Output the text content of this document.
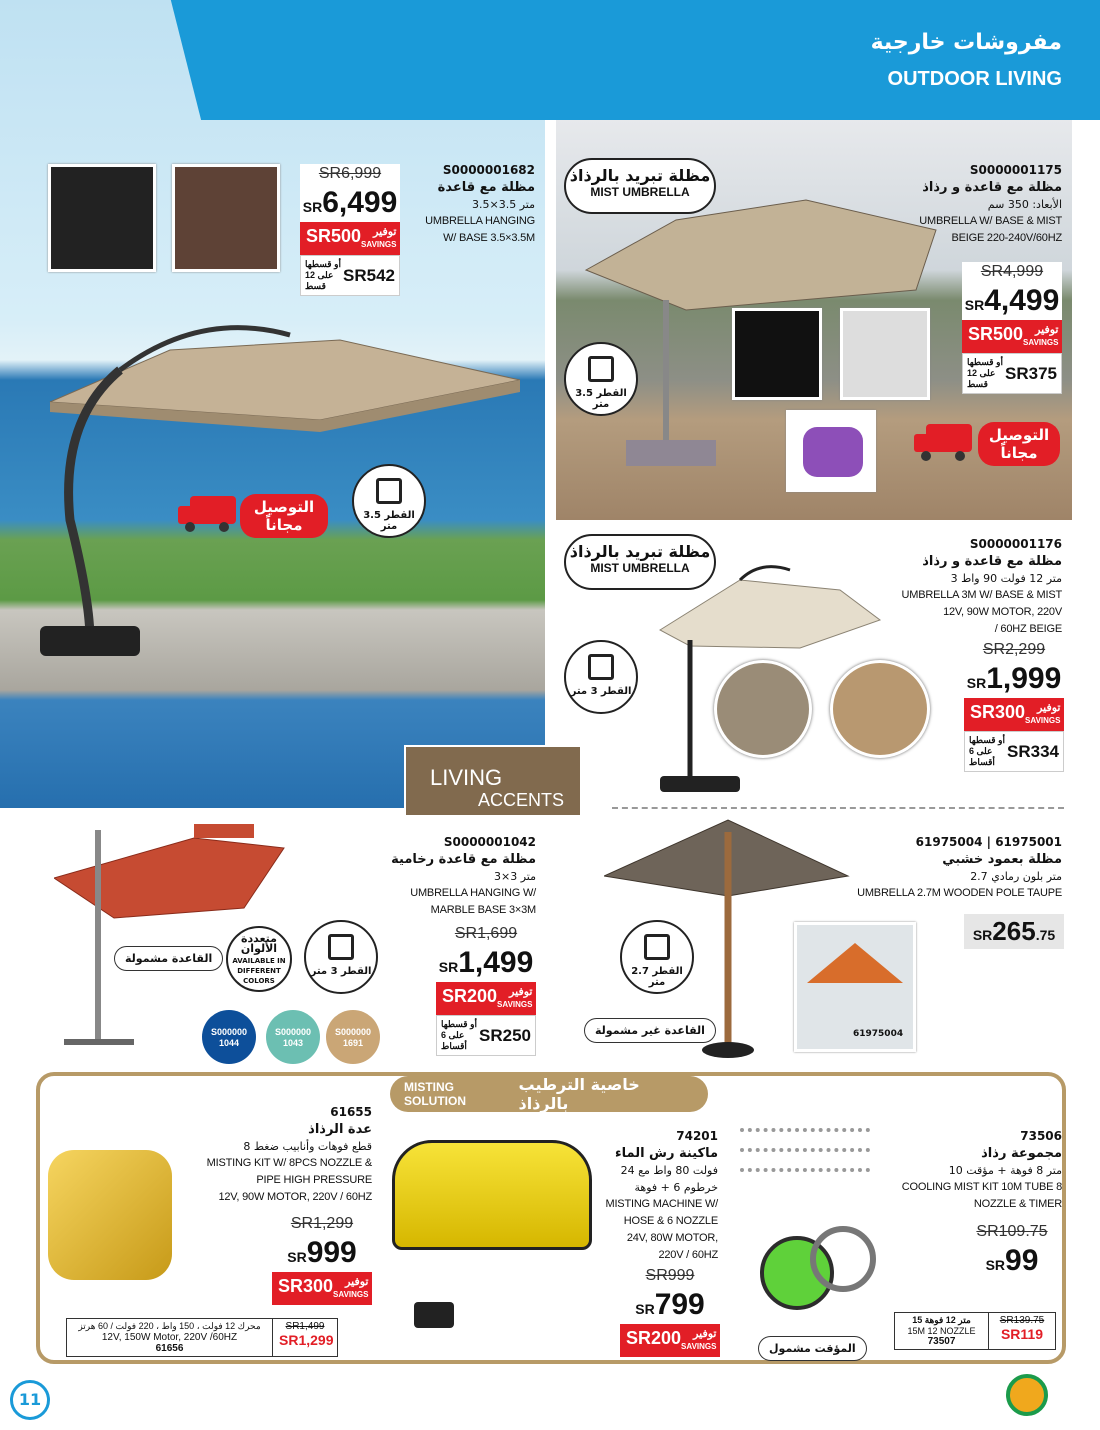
مفروشات خارجية
OUTDOOR LIVING
SR6,999
SR6,499
SR500	توفير
SAVINGS
أو قسطها على 12 قسط
SR542
S0000001682
مظلة مع قاعدة
3.5×3.5 متر
UMBRELLA HANGING
W/ BASE 3.5×3.5M
القطر 3.5 متر
التوصيل مجاناً
مظلة تبريد بالرذاذ
MIST UMBRELLA
S0000001175
مظلة مع قاعدة و رذاذ
الأبعاد: 350 سم
UMBRELLA W/ BASE & MIST
BEIGE 220-240V/60HZ
SR4,999
SR4,499
SR500	توفير
SAVINGS
أو قسطها على 12 قسط
SR375
القطر 3.5 متر
التوصيل مجاناً
مظلة تبريد بالرذاذ
MIST UMBRELLA
S0000001176
مظلة مع قاعدة و رذاذ
3 متر 12 فولت 90 واط
UMBRELLA 3M W/ BASE & MIST
12V, 90W MOTOR, 220V
/ 60HZ BEIGE
SR2,299
SR1,999
SR300	توفير
SAVINGS
أو قسطها على 6 أقساط
SR334
القطر 3 متر
LIVING
ACCENTS
S0000001042
مظلة مع قاعدة رخامية
3×3 متر
UMBRELLA HANGING W/
MARBLE BASE 3×3M
SR1,699
SR1,499
SR200	توفير
SAVINGS
أو قسطها على 6 أقساط
SR250
القطر 3 متر
متعددة الألوان
AVAILABLE IN DIFFERENT COLORS
القاعدة مشمولة
S000000 1044
S000000 1043
S000000 1691
61975004 | 61975001
مظلة بعمود خشبي
2.7 متر بلون رمادي
UMBRELLA 2.7M WOODEN POLE TAUPE
SR265.75
61975004
القطر 2.7 متر
القاعدة غير مشمولة
MISTING SOLUTION
خاصية الترطيب بالرذاذ
61655
عدة الرذاذ
8 قطع فوهات وأنابيب ضغط
MISTING KIT W/ 8PCS NOZZLE &
PIPE HIGH PRESSURE
12V, 90W MOTOR, 220V / 60HZ
SR1,299
SR999
SR300	توفير
SAVINGS
محرك 12 فولت ، 150 واط ، 220 فولت / 60 هرتز
12V, 150W Motor, 220V /60HZ
61656
SR1,499
SR1,299
74201
ماكينة رش الماء
24 فولت 80 واط مع
خرطوم 6 + فوهة
MISTING MACHINE W/
HOSE & 6 NOZZLE
24V, 80W MOTOR,
220V / 60HZ
SR999
SR799
SR200	توفير
SAVINGS
73506
مجموعة رذاذ
10 متر 8 فوهة + مؤقت
COOLING MIST KIT 10M TUBE 8
NOZZLE & TIMER
SR109.75
SR99
المؤقت مشمول
15 متر 12 فوهة
15M 12 NOZZLE
73507
SR139.75
SR119
11
